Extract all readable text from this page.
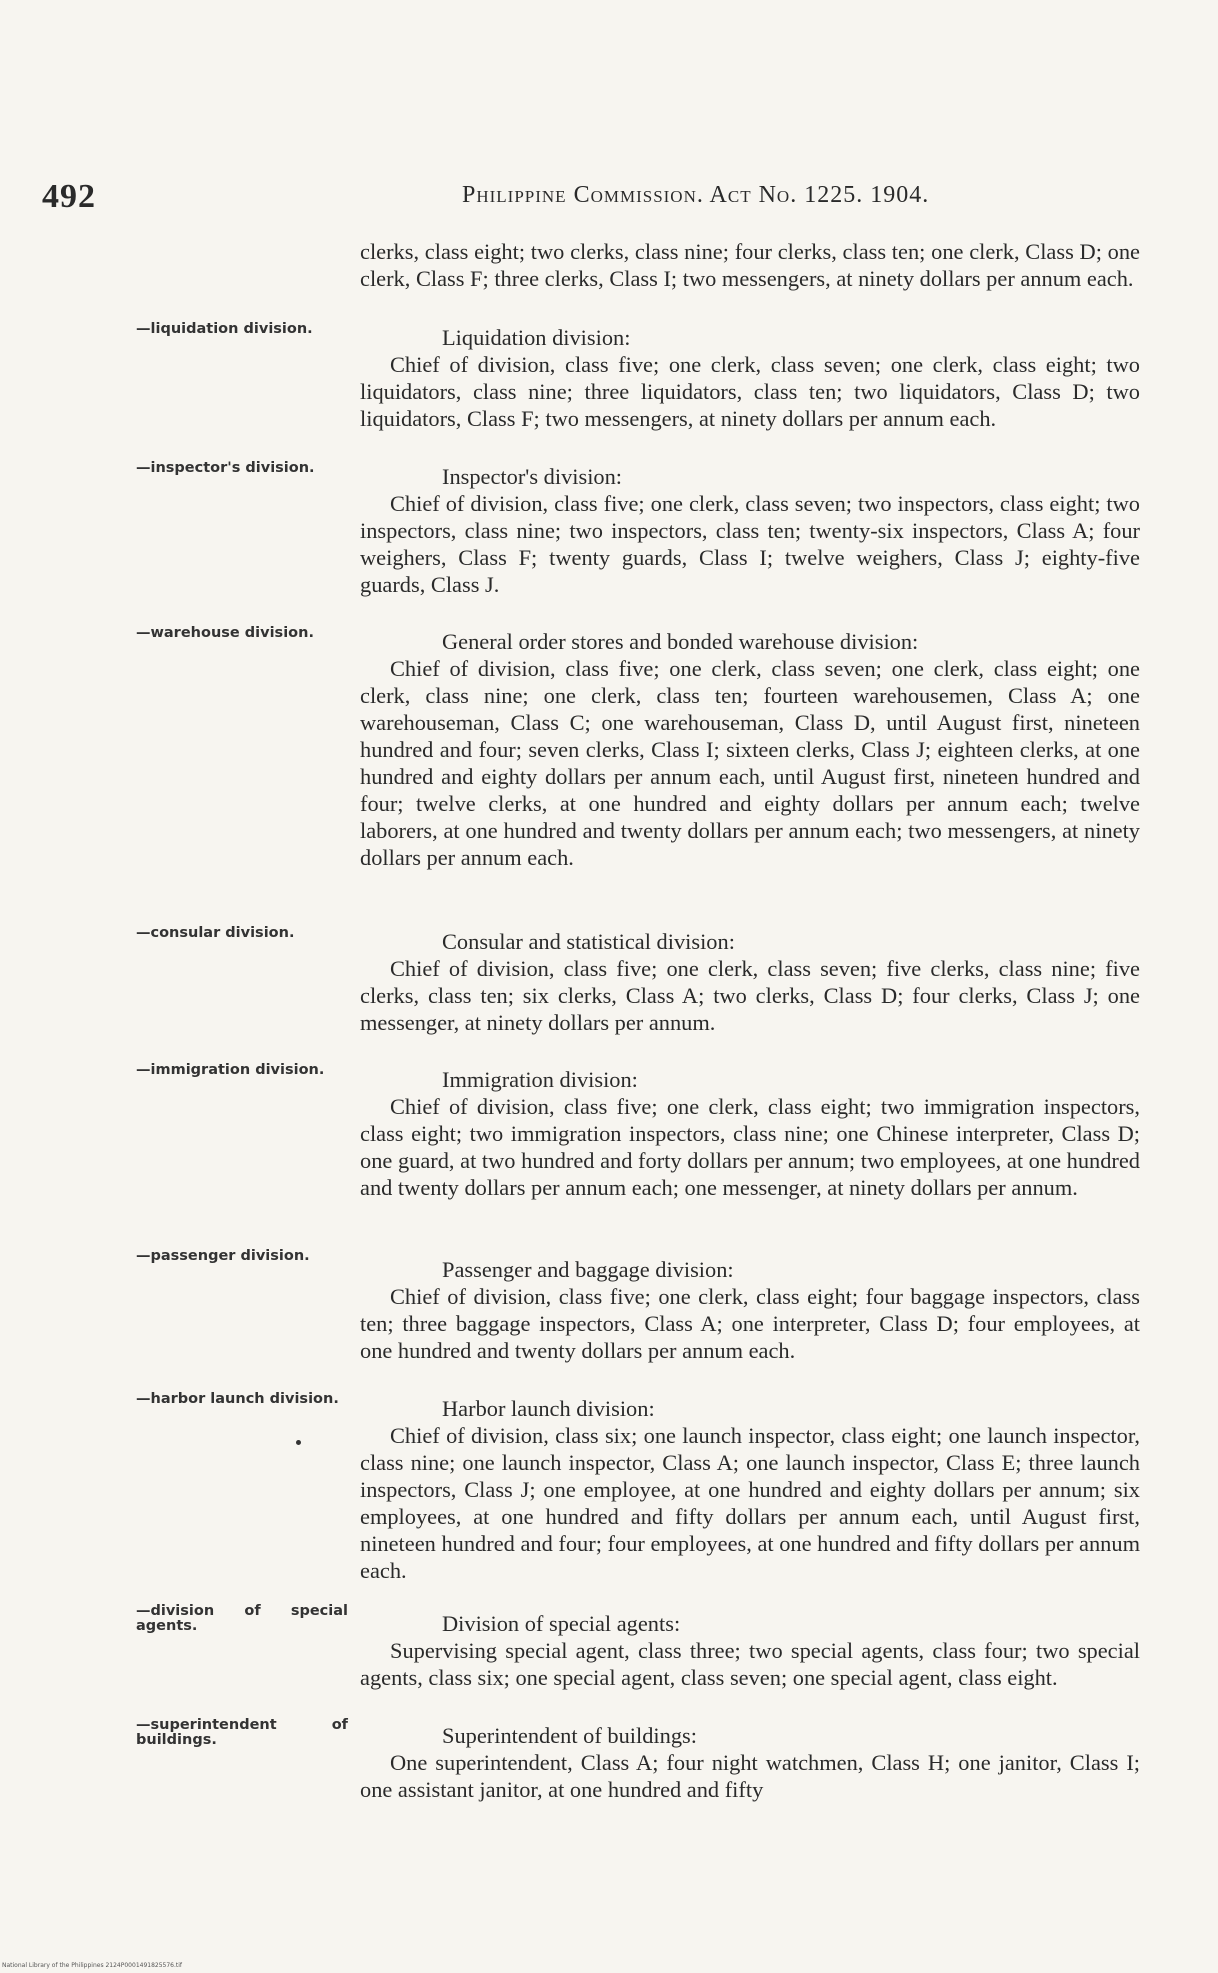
492	Philippine Commission. Act No. 1225. 1904.
—liquidation division.
—inspector's division.
—warehouse division.
—consular division.
—immigration division.
—passenger division.
—harbor launch division.
—division of special agents.
—superintendent of buildings.
clerks, class eight; two clerks, class nine; four clerks, class ten; one clerk, Class D; one clerk, Class F; three clerks, Class I; two messengers, at ninety dollars per annum each.
Liquidation division:
Chief of division, class five; one clerk, class seven; one clerk, class eight; two liquidators, class nine; three liquidators, class ten; two liquidators, Class D; two liquidators, Class F; two messengers, at ninety dollars per annum each.
Inspector's division:
Chief of division, class five; one clerk, class seven; two inspectors, class eight; two inspectors, class nine; two inspectors, class ten; twenty-six inspectors, Class A; four weighers, Class F; twenty guards, Class I; twelve weighers, Class J; eighty-five guards, Class J.
General order stores and bonded warehouse division:
Chief of division, class five; one clerk, class seven; one clerk, class eight; one clerk, class nine; one clerk, class ten; fourteen warehousemen, Class A; one warehouseman, Class C; one warehouseman, Class D, until August first, nineteen hundred and four; seven clerks, Class I; sixteen clerks, Class J; eighteen clerks, at one hundred and eighty dollars per annum each, until August first, nineteen hundred and four; twelve clerks, at one hundred and eighty dollars per annum each; twelve laborers, at one hundred and twenty dollars per annum each; two messengers, at ninety dollars per annum each.
Consular and statistical division:
Chief of division, class five; one clerk, class seven; five clerks, class nine; five clerks, class ten; six clerks, Class A; two clerks, Class D; four clerks, Class J; one messenger, at ninety dollars per annum.
Immigration division:
Chief of division, class five; one clerk, class eight; two immigration inspectors, class eight; two immigration inspectors, class nine; one Chinese interpreter, Class D; one guard, at two hundred and forty dollars per annum; two employees, at one hundred and twenty dollars per annum each; one messenger, at ninety dollars per annum.
Passenger and baggage division:
Chief of division, class five; one clerk, class eight; four baggage inspectors, class ten; three baggage inspectors, Class A; one interpreter, Class D; four employees, at one hundred and twenty dollars per annum each.
Harbor launch division:
Chief of division, class six; one launch inspector, class eight; one launch inspector, class nine; one launch inspector, Class A; one launch inspector, Class E; three launch inspectors, Class J; one employee, at one hundred and eighty dollars per annum; six employees, at one hundred and fifty dollars per annum each, until August first, nineteen hundred and four; four employees, at one hundred and fifty dollars per annum each.
Division of special agents:
Supervising special agent, class three; two special agents, class four; two special agents, class six; one special agent, class seven; one special agent, class eight.
Superintendent of buildings:
One superintendent, Class A; four night watchmen, Class H; one janitor, Class I; one assistant janitor, at one hundred and fifty
National Library of the Philippines 2124P0001491825576.tif
